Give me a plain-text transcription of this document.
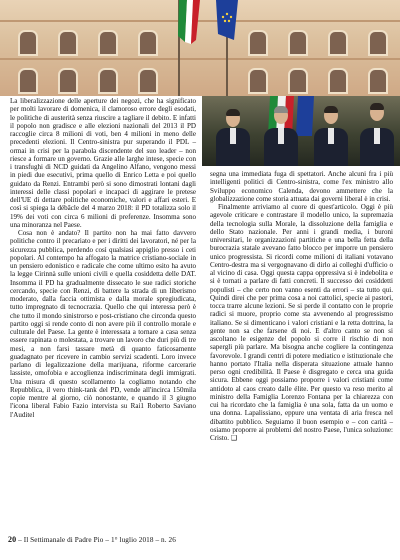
La liberalizzazione delle aperture dei negozi, che ha significato per molti lavorare di domenica, il clamoroso errore degli esodati, le politiche di austerità senza riuscire a tagliare il debito. E infatti il popolo non gradisce e alle elezioni nazionali del 2013 il PD raccoglie circa 8 milioni di voti, ben 4 milioni in meno delle precedenti elezioni. Il Centro-sinistra pur superando il PDL – ormai in crisi per la parabola discendente del suo leader – non riesce a formare un governo. Grazie alle larghe intese, specie con i transfughi di NCD guidati da Angelino Alfano, vengono messi in piedi due esecutivi, prima quello di Enrico Letta e poi quello guidato da Renzi. Entrambi però si sono dimostrati lontani dagli interessi delle classi popolari e incapaci di aggirare le pretese dell'UE di dettare politiche economiche, valori e affari esteri. E così si spiega la débâcle del 4 marzo 2018: il PD totalizza solo il 19% dei voti con circa 6 milioni di preferenze. Insomma sono una minoranza nel Paese.

Cosa non è andato? Il partito non ha mai fatto davvero politiche contro il precariato e per i diritti dei lavoratori, né per la sicurezza pubblica, perdendo così qualsiasi appiglio presso i ceti popolari. Al contempo ha affogato la matrice cristiano-sociale in un pensiero edonistico e radicale che come ultimo esito ha avuto la legge Cirinnà sulle unioni civili e quella cosiddetta delle DAT. Insomma il PD ha gradualmente dissecato le sue radici storiche cercando, specie con Renzi, di battere la strada di un liberismo moderato, dalla faccia ottimista e dalla morale spregiudicata, tutto impregnato di tecnocrazia. Quello che qui interessa però è che tutto il mondo sinistrorso e post-cristiano che circonda questo partito oggi si rende conto di non avere più il controllo morale e culturale del Paese. La gente è interessata a tornare a casa senza essere rapinata o molestata, a trovare un lavoro che duri più di tre mesi, a non farsi tassare metà di quanto faticosamente guadagnato per ricevere in cambio servizi scadenti. Loro invece parlano di legalizzazione della marijuana, riforme carcerarie lassiste, omofobia e accoglienza indiscriminata degli immigrati. Una misura di questo scollamento la cogliamo notando che Repubblica, il vero think-tank del PD, vende all'incirca 150mila copie mentre al giorno, ciò nonostante, e quando il 3 giugno l'icona liberal Fabio Fazio intervista su Rai1 Roberto Saviano l'Auditel

segna una immediata fuga di spettatori. Anche alcuni fra i più intelligenti politici di Centro-sinistra, come l'ex ministro allo Sviluppo economico Calenda, devono ammettere che la globalizzazione come storia attuata dai governi liberal è in crisi.

Finalmente arriviamo al cuore di quest'articolo. Oggi è più agevole criticare e contrastare il modello unico, la supremazia della tecnologia sulla Morale, la dissoluzione della famiglia e dello Stato nazionale. Per anni i grandi media, i buroni universitari, le organizzazioni partitiche e una bella fetta della burocrazia statale avevano fatto blocco per imporre un pensiero unico progressista. Si ricordi come milioni di italiani votavano Centro-destra ma si vergognavano di dirlo ai colleghi d'ufficio o al vicino di casa. Oggi questa cappa oppressiva si è indebolita e si è tornati a parlare di fatti concreti. Il successo dei cosiddetti populisti – che certo non vanno esenti da errori – sta tutto qui. Quindi direi che per prima cosa a noi cattolici, specie ai pastori, tocca trarre alcune lezioni. Se si perde il contatto con le proprie radici si muore, proprio come sta avvenendo al progressismo italiano. Se si dimenticano i valori cristiani e la retta dottrina, la gente non sa che farsene di noi. E d'altro canto se non si ascoltano le esigenze del popolo si corre il rischio di non sapergli più parlare. Ma bisogna anche cogliere la contingenza favorevole. I grandi centri di potere mediatico e istituzionale che hanno portato l'Italia nella disperata situazione attuale hanno perso ogni credibilità. Il Paese è disgregato e cerca una guida sicura. Ebbene oggi possiamo proporre i valori cristiani come antidoto al caos creato dalle élite. Per questo va reso merito al ministro della Famiglia Lorenzo Fontana per la chiarezza con cui ha ricordato che la famiglia è una sola, fatta da un uomo e una donna. Lapalissiano, eppure una ventata di aria fresca nel dibattito pubblico. Seguiamo il buon esempio e – con carità – osiamo proporre ai problemi del nostro Paese, l'unica soluzione: Cristo. ❑

20 – Il Settimanale di Padre Pio – 1° luglio 2018 – n. 26
